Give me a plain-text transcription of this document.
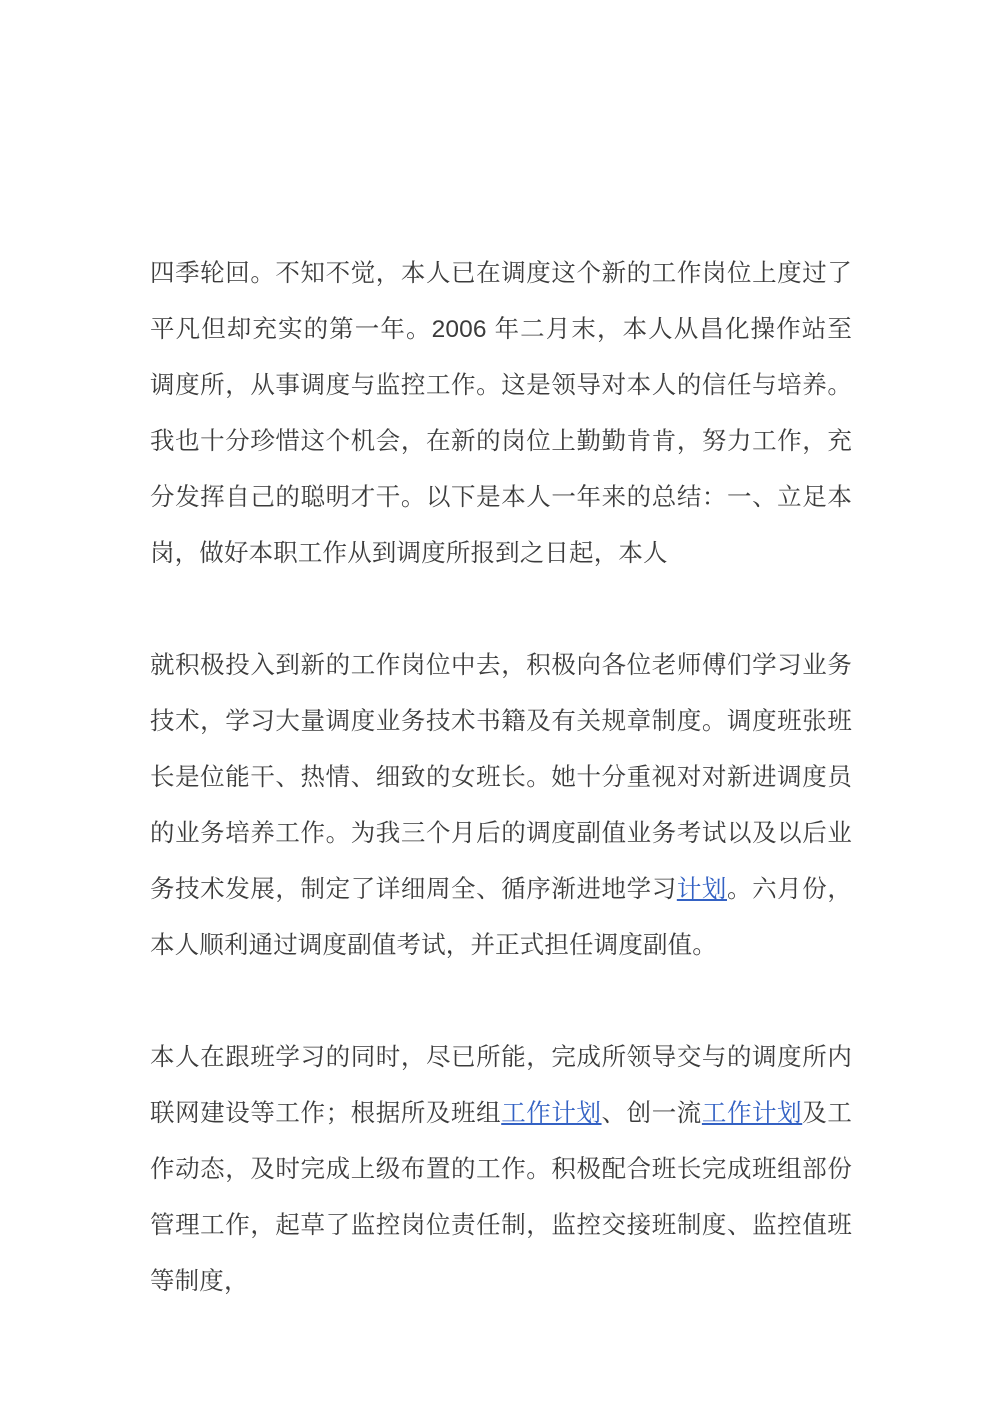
四季轮回。不知不觉，本人已在调度这个新的工作岗位上度过了平凡但却充实的第一年。2006 年二月末，本人从昌化操作站至调度所，从事调度与监控工作。这是领导对本人的信任与培养。我也十分珍惜这个机会，在新的岗位上勤勤肯肯，努力工作，充分发挥自己的聪明才干。以下是本人一年来的总结：一、立足本岗，做好本职工作从到调度所报到之日起，本人

就积极投入到新的工作岗位中去，积极向各位老师傅们学习业务技术，学习大量调度业务技术书籍及有关规章制度。调度班张班长是位能干、热情、细致的女班长。她十分重视对对新进调度员的业务培养工作。为我三个月后的调度副值业务考试以及以后业务技术发展，制定了详细周全、循序渐进地学习计划。六月份，本人顺利通过调度副值考试，并正式担任调度副值。

本人在跟班学习的同时，尽已所能，完成所领导交与的调度所内联网建设等工作；根据所及班组工作计划、创一流工作计划及工作动态，及时完成上级布置的工作。积极配合班长完成班组部份管理工作，起草了监控岗位责任制，监控交接班制度、监控值班等制度，
